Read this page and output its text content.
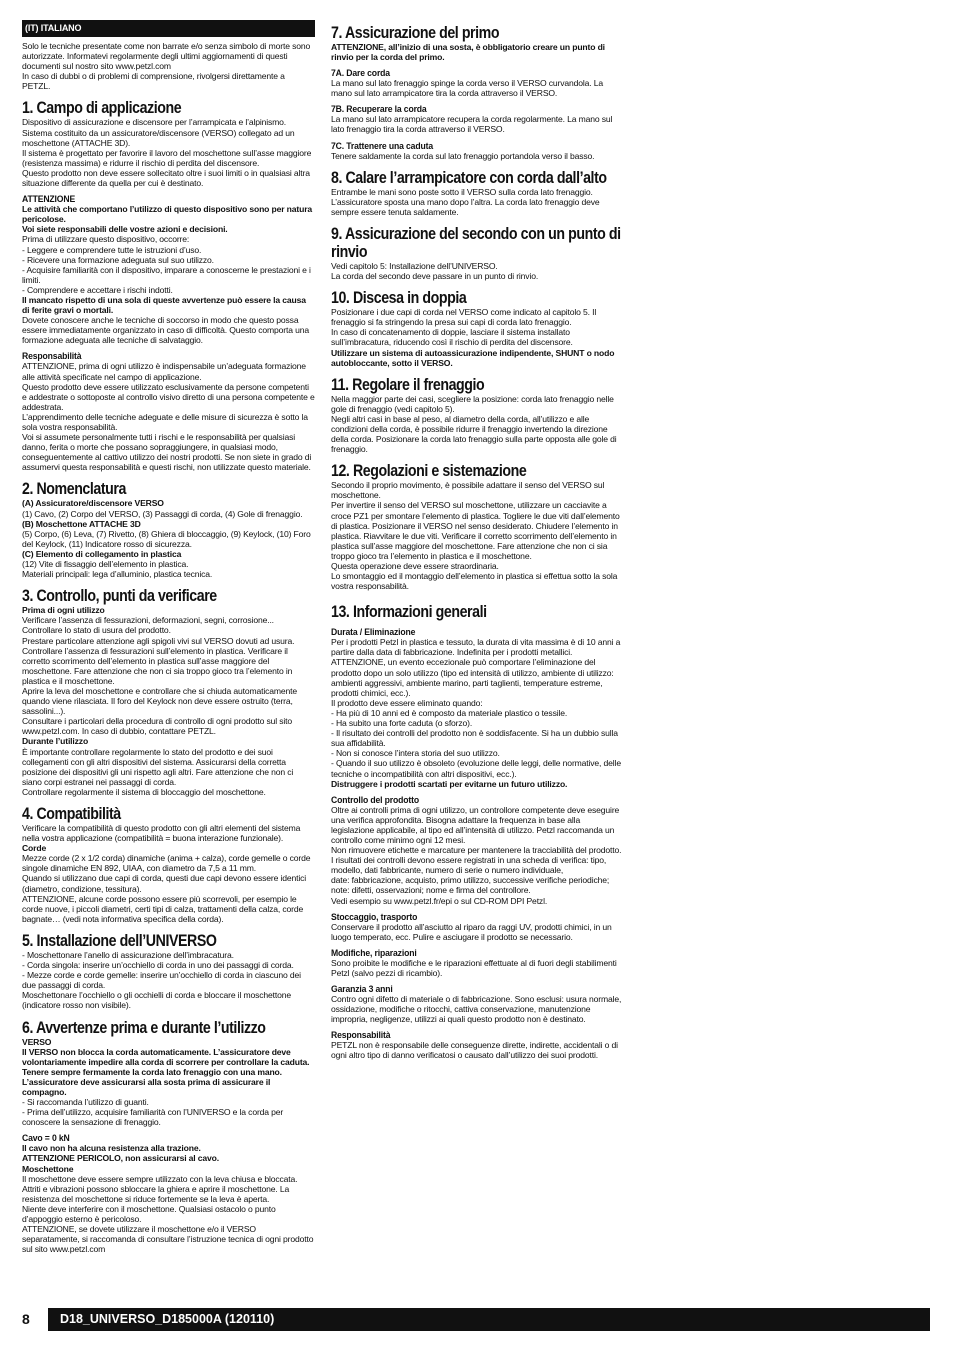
(IT) ITALIANO

Solo le tecniche presentate come non barrate e/o senza simbolo di morte sono autorizzate. Informatevi regolarmente degli ultimi aggiornamenti di questi documenti sul nostro sito www.petzl.com

In caso di dubbi o di problemi di comprensione, rivolgersi direttamente a PETZL.

1. Campo di applicazione

Dispositivo di assicurazione e discensore per l’arrampicata e l’alpinismo.

Sistema costituito da un assicuratore/discensore (VERSO) collegato ad un moschettone (ATTACHE 3D).

Il sistema è progettato per favorire il lavoro del moschettone sull’asse maggiore (resistenza massima) e ridurre il rischio di perdita del discensore.

Questo prodotto non deve essere sollecitato oltre i suoi limiti o in qualsiasi altra situazione differente da quella per cui è destinato.

ATTENZIONE

Le attività che comportano l’utilizzo di questo dispositivo sono per natura pericolose.

Voi siete responsabili delle vostre azioni e decisioni.

Prima di utilizzare questo dispositivo, occorre:

- Leggere e comprendere tutte le istruzioni d’uso.

- Ricevere una formazione adeguata sul suo utilizzo.

- Acquisire familiarità con il dispositivo, imparare a conoscerne le prestazioni e i limiti.

- Comprendere e accettare i rischi indotti.

Il mancato rispetto di una sola di queste avvertenze può essere la causa di ferite gravi o mortali.

Dovete conoscere anche le tecniche di soccorso in modo che questo possa essere immediatamente organizzato in caso di difficoltà. Questo comporta una formazione adeguata alle tecniche di salvataggio.

Responsabilità

ATTENZIONE, prima di ogni utilizzo è indispensabile un’adeguata formazione alle attività specificate nel campo di applicazione.

Questo prodotto deve essere utilizzato esclusivamente da persone competenti e addestrate o sottoposte al controllo visivo diretto di una persona competente e addestrata.

L’apprendimento delle tecniche adeguate e delle misure di sicurezza è sotto la sola vostra responsabilità.

Voi si assumete personalmente tutti i rischi e le responsabilità per qualsiasi danno, ferita o morte che possano sopraggiungere, in qualsiasi modo, conseguentemente al cattivo utilizzo dei nostri prodotti. Se non siete in grado di assumervi questa responsabilità e questi rischi, non utilizzate questo materiale.

2. Nomenclatura

(A) Assicuratore/discensore VERSO

(1) Cavo, (2) Corpo del VERSO, (3) Passaggi di corda, (4) Gole di frenaggio.

(B) Moschettone ATTACHE 3D

(5) Corpo, (6) Leva, (7) Rivetto, (8) Ghiera di bloccaggio, (9) Keylock, (10) Foro del Keylock, (11) Indicatore rosso di sicurezza.

(C) Elemento di collegamento in plastica

(12) Vite di fissaggio dell’elemento in plastica.

Materiali principali: lega d’alluminio, plastica tecnica.

3. Controllo, punti da verificare

Prima di ogni utilizzo

Verificare l’assenza di fessurazioni, deformazioni, segni, corrosione...

Controllare lo stato di usura del prodotto.

Prestare particolare attenzione agli spigoli vivi sul VERSO dovuti ad usura.

Controllare l’assenza di fessurazioni sull’elemento in plastica. Verificare il corretto scorrimento dell’elemento in plastica sull’asse maggiore del moschettone. Fare attenzione che non ci sia troppo gioco tra l’elemento in plastica e il moschettone.

Aprire la leva del moschettone e controllare che si chiuda automaticamente quando viene rilasciata. Il foro del Keylock non deve essere ostruito (terra, sassolini...).

Consultare i particolari della procedura di controllo di ogni prodotto sul sito www.petzl.com. In caso di dubbio, contattare PETZL.

Durante l’utilizzo

È importante controllare regolarmente lo stato del prodotto e dei suoi collegamenti con gli altri dispositivi del sistema. Assicurarsi della corretta posizione dei dispositivi gli uni rispetto agli altri. Fare attenzione che non ci siano corpi estranei nei passaggi di corda.

Controllare regolarmente il sistema di bloccaggio del moschettone.

4. Compatibilità

Verificare la compatibilità di questo prodotto con gli altri elementi del sistema nella vostra applicazione (compatibilità = buona interazione funzionale).

Corde

Mezze corde (2 x 1/2 corda) dinamiche (anima + calza), corde gemelle o corde singole dinamiche EN 892, UIAA, con diametro da 7,5 a 11 mm.

Quando si utilizzano due capi di corda, questi due capi devono essere identici (diametro, condizione, tessitura).

ATTENZIONE, alcune corde possono essere più scorrevoli, per esempio le corde nuove, i piccoli diametri, certi tipi di calza, trattamenti della calza, corde bagnate… (vedi nota informativa specifica della corda).

5. Installazione dell’UNIVERSO

- Moschettonare l’anello di assicurazione dell’imbracatura.

- Corda singola: inserire un’occhiello di corda in uno dei passaggi di corda.

- Mezze corde e corde gemelle: inserire un’occhiello di corda in ciascuno dei due passaggi di corda.

Moschettonare l’occhiello o gli occhielli di corda e bloccare il moschettone (indicatore rosso non visibile).

6. Avvertenze prima e durante l’utilizzo

VERSO

Il VERSO non blocca la corda automaticamente. L’assicuratore deve volontariamente impedire alla corda di scorrere per controllare la caduta. Tenere sempre fermamente la corda lato frenaggio con una mano. L’assicuratore deve assicurarsi alla sosta prima di assicurare il compagno.

- Si raccomanda l’utilizzo di guanti.

- Prima dell’utilizzo, acquisire familiarità con l’UNIVERSO e la corda per conoscere la sensazione di frenaggio.

Cavo = 0 kN

Il cavo non ha alcuna resistenza alla trazione.

ATTENZIONE PERICOLO, non assicurarsi al cavo.

Moschettone

Il moschettone deve essere sempre utilizzato con la leva chiusa e bloccata.

Attriti e vibrazioni possono sbloccare la ghiera e aprire il moschettone. La resistenza del moschettone si riduce fortemente se la leva è aperta.

Niente deve interferire con il moschettone. Qualsiasi ostacolo o punto d’appoggio esterno è pericoloso.

ATTENZIONE, se dovete utilizzare il moschettone e/o il VERSO separatamente, si raccomanda di consultare l’istruzione tecnica di ogni prodotto sul sito www.petzl.com

7. Assicurazione del primo

ATTENZIONE, all’inizio di una sosta, è obbligatorio creare un punto di rinvio per la corda del primo.

7A. Dare corda

La mano sul lato frenaggio spinge la corda verso il VERSO curvandola. La mano sul lato arrampicatore tira la corda attraverso il VERSO.

7B. Recuperare la corda

La mano sul lato arrampicatore recupera la corda regolarmente. La mano sul lato frenaggio tira la corda attraverso il VERSO.

7C. Trattenere una caduta

Tenere saldamente la corda sul lato frenaggio portandola verso il basso.

8. Calare l’arrampicatore con corda dall’alto

Entrambe le mani sono poste sotto il VERSO sulla corda lato frenaggio.

L’assicuratore sposta una mano dopo l’altra. La corda lato frenaggio deve sempre essere tenuta saldamente.

9. Assicurazione del secondo con un punto di rinvio

Vedi capitolo 5: Installazione dell’UNIVERSO.

La corda del secondo deve passare in un punto di rinvio.

10. Discesa in doppia

Posizionare i due capi di corda nel VERSO come indicato al capitolo 5. Il frenaggio si fa stringendo la presa sui capi di corda lato frenaggio.

In caso di concatenamento di doppie, lasciare il sistema installato sull’imbracatura, riducendo così il rischio di perdita del discensore.

Utilizzare un sistema di autoassicurazione indipendente, SHUNT o nodo autobloccante, sotto il VERSO.

11. Regolare il frenaggio

Nella maggior parte dei casi, scegliere la posizione: corda lato frenaggio nelle gole di frenaggio (vedi capitolo 5).

Negli altri casi in base al peso, al diametro della corda, all’utilizzo e alle condizioni della corda, è possibile ridurre il frenaggio invertendo la direzione della corda. Posizionare la corda lato frenaggio sulla parte opposta alle gole di frenaggio.

12. Regolazioni e sistemazione

Secondo il proprio movimento, è possibile adattare il senso del VERSO sul moschettone.

Per invertire il senso del VERSO sul moschettone, utilizzare un cacciavite a croce PZ1 per smontare l’elemento di plastica. Togliere le due viti dall’elemento di plastica. Posizionare il VERSO nel senso desiderato. Chiudere l’elemento in plastica. Riavvitare le due viti. Verificare il corretto scorrimento dell’elemento in plastica sull’asse maggiore del moschettone. Fare attenzione che non ci sia troppo gioco tra l’elemento in plastica e il moschettone.

Questa operazione deve essere straordinaria.

Lo smontaggio ed il montaggio dell’elemento in plastica si effettua sotto la sola vostra responsabilità.

13. Informazioni generali
Durata / Eliminazione

Per i prodotti Petzl in plastica e tessuto, la durata di vita massima è di 10 anni a partire dalla data di fabbricazione. Indefinita per i prodotti metallici.

ATTENZIONE, un evento eccezionale può comportare l’eliminazione del prodotto dopo un solo utilizzo (tipo ed intensità di utilizzo, ambiente di utilizzo: ambienti aggressivi, ambiente marino, parti taglienti, temperature estreme, prodotti chimici, ecc.).

Il prodotto deve essere eliminato quando:

- Ha più di 10 anni ed è composto da materiale plastico o tessile.

- Ha subito una forte caduta (o sforzo).

- Il risultato dei controlli del prodotto non è soddisfacente. Si ha un dubbio sulla sua affidabilità.

- Non si conosce l’intera storia del suo utilizzo.

- Quando il suo utilizzo è obsoleto (evoluzione delle leggi, delle normative, delle tecniche o incompatibilità con altri dispositivi, ecc.).

Distruggere i prodotti scartati per evitarne un futuro utilizzo.

Controllo del prodotto

Oltre ai controlli prima di ogni utilizzo, un controllore competente deve eseguire una verifica approfondita. Bisogna adattare la frequenza in base alla legislazione applicabile, al tipo ed all’intensità di utilizzo. Petzl raccomanda un controllo come minimo ogni 12 mesi.

Non rimuovere etichette e marcature per mantenere la tracciabilità del prodotto.

I risultati dei controlli devono essere registrati in una scheda di verifica: tipo, modello, dati fabbricante, numero di serie o numero individuale,

date: fabbricazione, acquisto, primo utilizzo, successive verifiche periodiche; note: difetti, osservazioni; nome e firma del controllore.

Vedi esempio su www.petzl.fr/epi o sul CD-ROM DPI Petzl.

Stoccaggio, trasporto

Conservare il prodotto all’asciutto al riparo da raggi UV, prodotti chimici, in un luogo temperato, ecc. Pulire e asciugare il prodotto se necessario.

Modifiche, riparazioni

Sono proibite le modifiche e le riparazioni effettuate al di fuori degli stabilimenti Petzl (salvo pezzi di ricambio).

Garanzia 3 anni

Contro ogni difetto di materiale o di fabbricazione. Sono esclusi: usura normale, ossidazione, modifiche o ritocchi, cattiva conservazione, manutenzione impropria, negligenze, utilizzi ai quali questo prodotto non è destinato.

Responsabilità

PETZL non è responsabile delle conseguenze dirette, indirette, accidentali o di ogni altro tipo di danno verificatosi o causato dall’utilizzo dei suoi prodotti.

8	D18_UNIVERSO_D185000A (120110)
